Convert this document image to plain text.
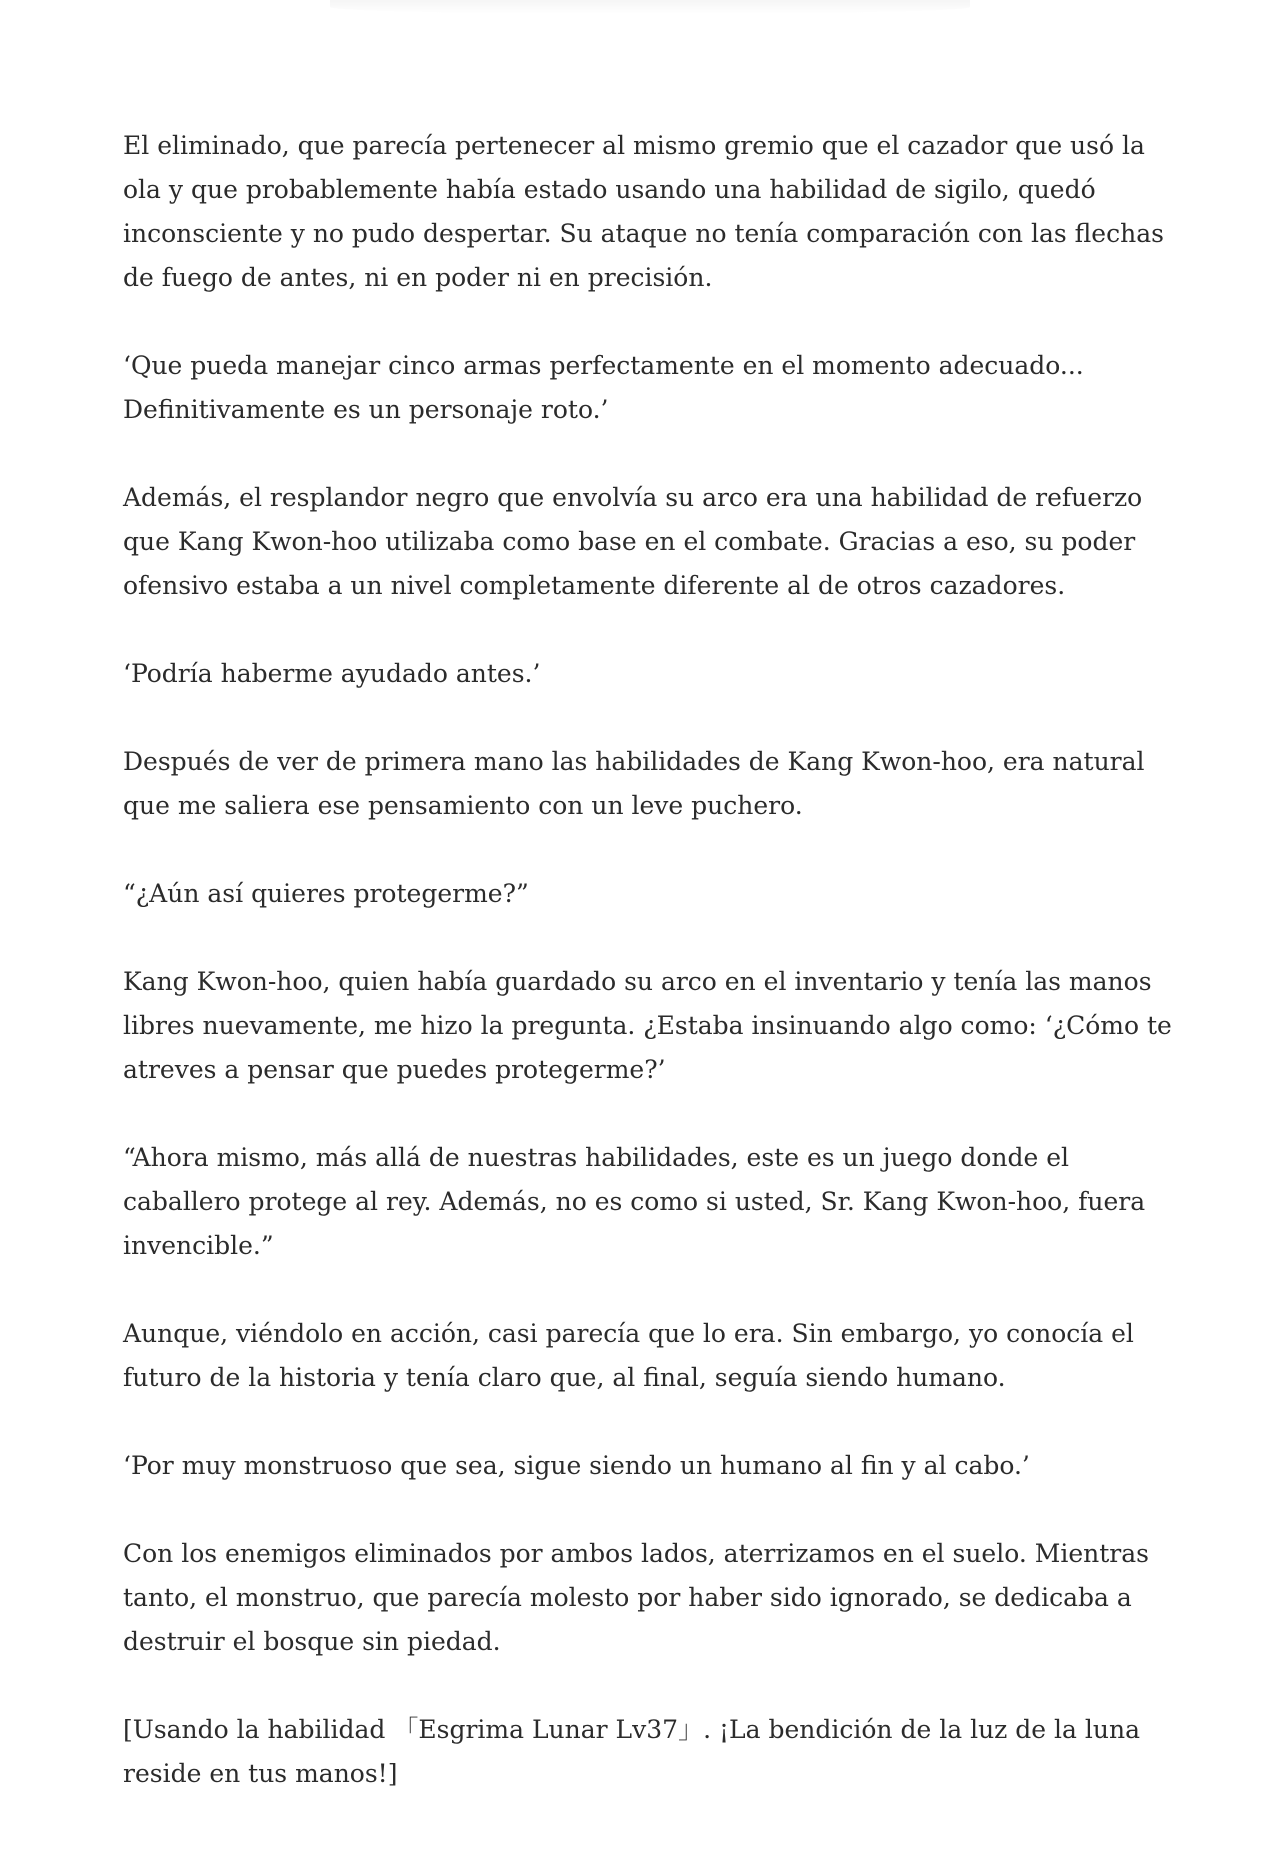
El eliminado, que parecía pertenecer al mismo gremio que el cazador que usó la ola y que probablemente había estado usando una habilidad de sigilo, quedó inconsciente y no pudo despertar. Su ataque no tenía comparación con las flechas de fuego de antes, ni en poder ni en precisión.

‘Que pueda manejar cinco armas perfectamente en el momento adecuado... Definitivamente es un personaje roto.’

Además, el resplandor negro que envolvía su arco era una habilidad de refuerzo que Kang Kwon-hoo utilizaba como base en el combate. Gracias a eso, su poder ofensivo estaba a un nivel completamente diferente al de otros cazadores.

‘Podría haberme ayudado antes.’

Después de ver de primera mano las habilidades de Kang Kwon-hoo, era natural que me saliera ese pensamiento con un leve puchero.

“¿Aún así quieres protegerme?”

Kang Kwon-hoo, quien había guardado su arco en el inventario y tenía las manos libres nuevamente, me hizo la pregunta. ¿Estaba insinuando algo como: ‘¿Cómo te atreves a pensar que puedes protegerme?’

“Ahora mismo, más allá de nuestras habilidades, este es un juego donde el caballero protege al rey. Además, no es como si usted, Sr. Kang Kwon-hoo, fuera invencible.”

Aunque, viéndolo en acción, casi parecía que lo era. Sin embargo, yo conocía el futuro de la historia y tenía claro que, al final, seguía siendo humano.

‘Por muy monstruoso que sea, sigue siendo un humano al fin y al cabo.’

Con los enemigos eliminados por ambos lados, aterrizamos en el suelo. Mientras tanto, el monstruo, que parecía molesto por haber sido ignorado, se dedicaba a destruir el bosque sin piedad.

[Usando la habilidad 「Esgrima Lunar Lv37」. ¡La bendición de la luz de la luna reside en tus manos!]
